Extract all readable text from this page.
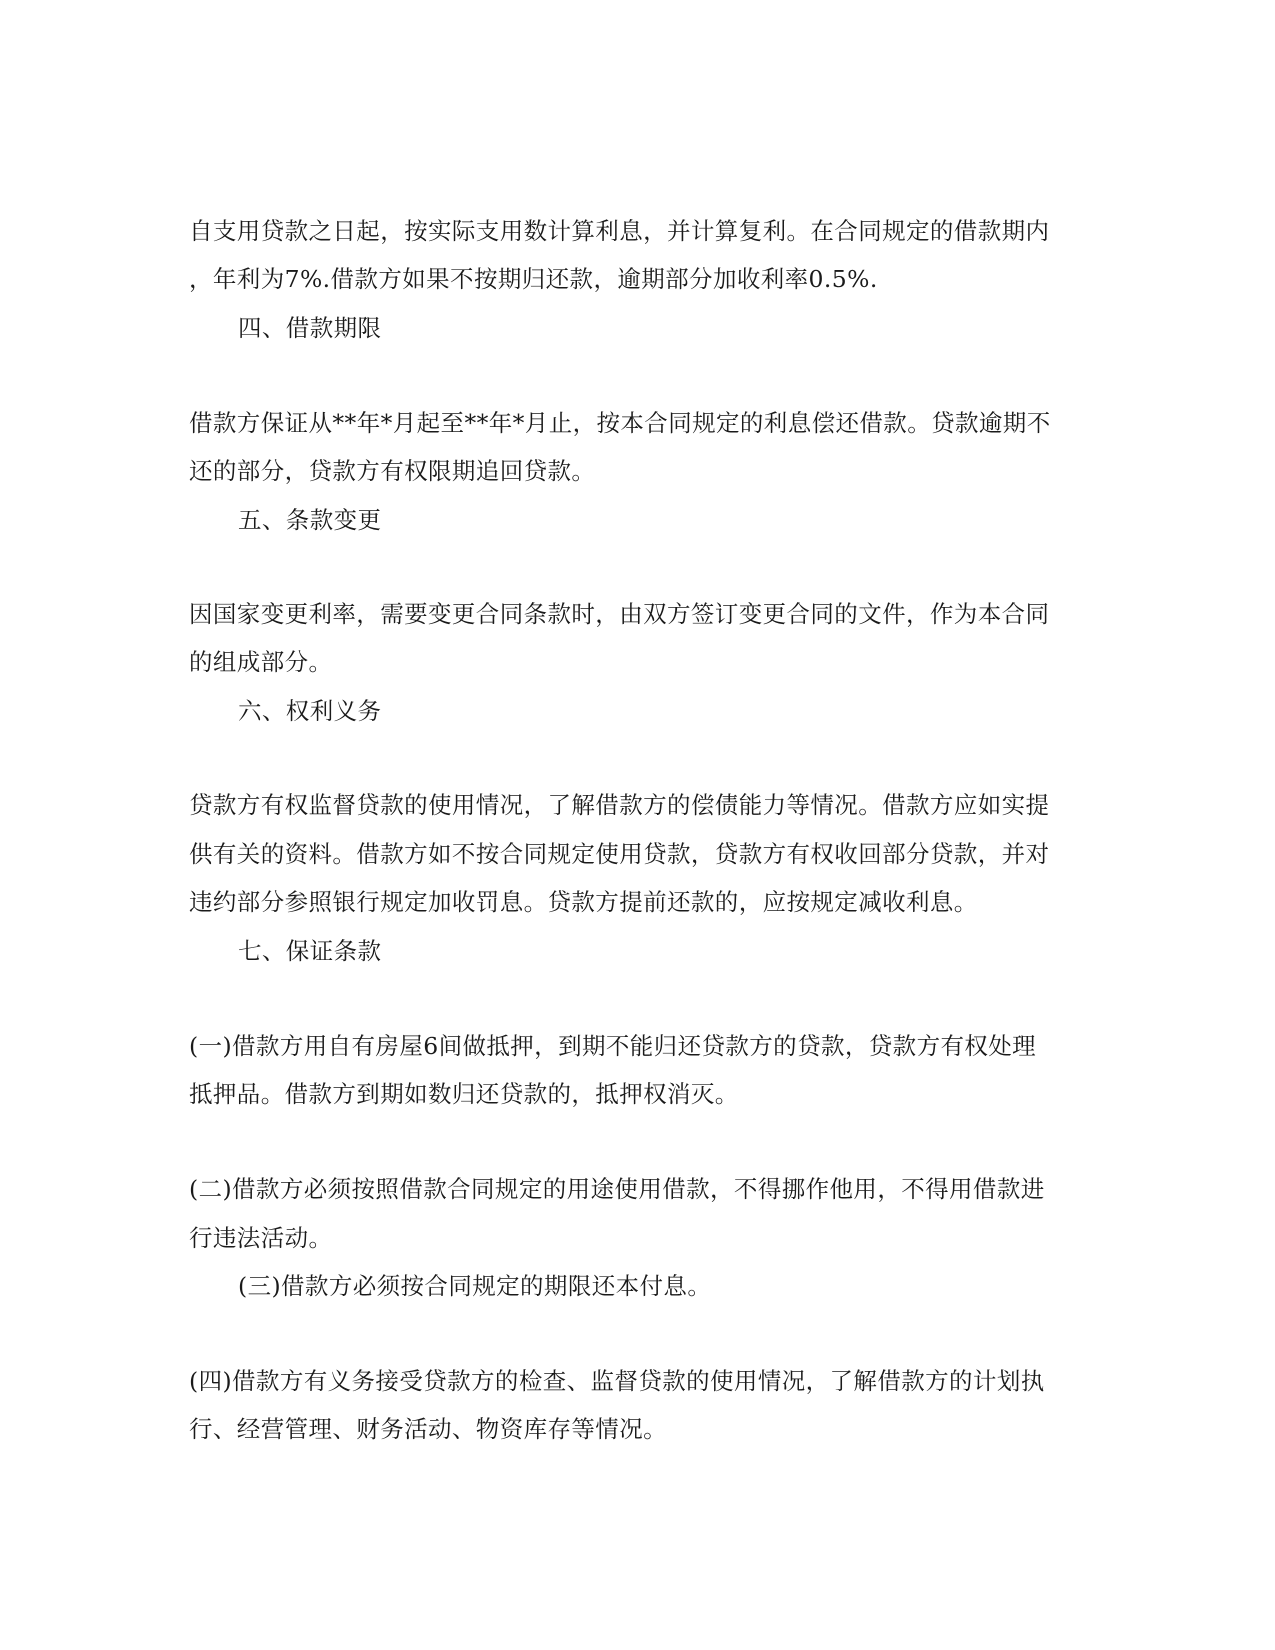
自支用贷款之日起，按实际支用数计算利息，并计算复利。在合同规定的借款期内
，年利为7%.借款方如果不按期归还款，逾期部分加收利率0.5%.
四、借款期限
借款方保证从**年*月起至**年*月止，按本合同规定的利息偿还借款。贷款逾期不
还的部分，贷款方有权限期追回贷款。
五、条款变更
因国家变更利率，需要变更合同条款时，由双方签订变更合同的文件，作为本合同
的组成部分。
六、权利义务
贷款方有权监督贷款的使用情况，了解借款方的偿债能力等情况。借款方应如实提
供有关的资料。借款方如不按合同规定使用贷款，贷款方有权收回部分贷款，并对
违约部分参照银行规定加收罚息。贷款方提前还款的，应按规定减收利息。
七、保证条款
(一)借款方用自有房屋6间做抵押，到期不能归还贷款方的贷款，贷款方有权处理
抵押品。借款方到期如数归还贷款的，抵押权消灭。
(二)借款方必须按照借款合同规定的用途使用借款，不得挪作他用，不得用借款进
行违法活动。
(三)借款方必须按合同规定的期限还本付息。
(四)借款方有义务接受贷款方的检查、监督贷款的使用情况，了解借款方的计划执
行、经营管理、财务活动、物资库存等情况。
